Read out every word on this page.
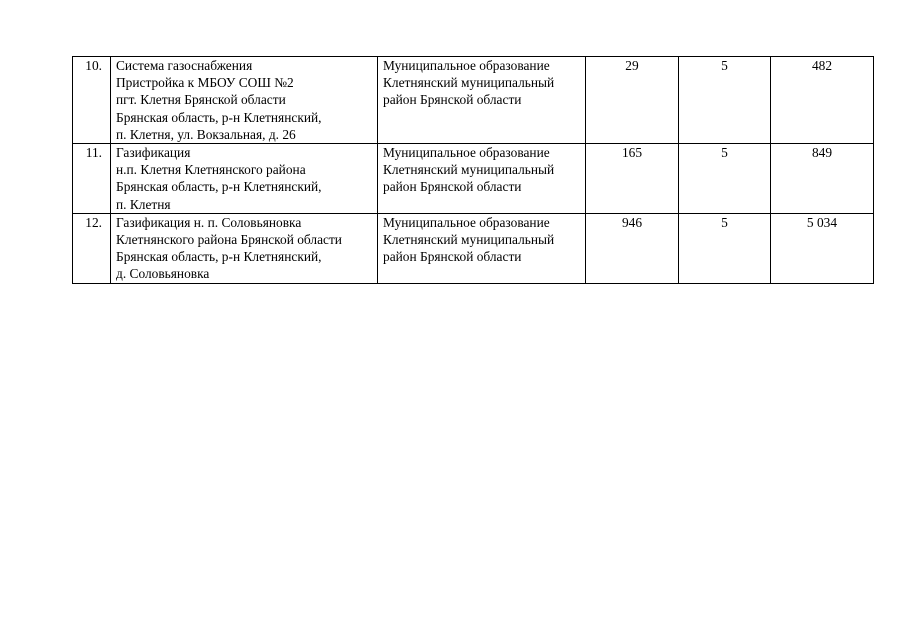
10.	Система газоснабжения
Пристройка к МБОУ СОШ №2
пгт. Клетня Брянской области
Брянская область, р-н Клетнянский,
п. Клетня, ул. Вокзальная, д. 26	Муниципальное образование
Клетнянский муниципальный
район Брянской области	29	5	482
11.	Газификация
н.п. Клетня Клетнянского района
Брянская область, р-н Клетнянский,
п. Клетня	Муниципальное образование
Клетнянский муниципальный
район Брянской области	165	5	849
12.	Газификация н. п. Соловьяновка
Клетнянского района Брянской области
Брянская область, р-н Клетнянский,
д. Соловьяновка	Муниципальное образование
Клетнянский муниципальный
район Брянской области	946	5	5 034
